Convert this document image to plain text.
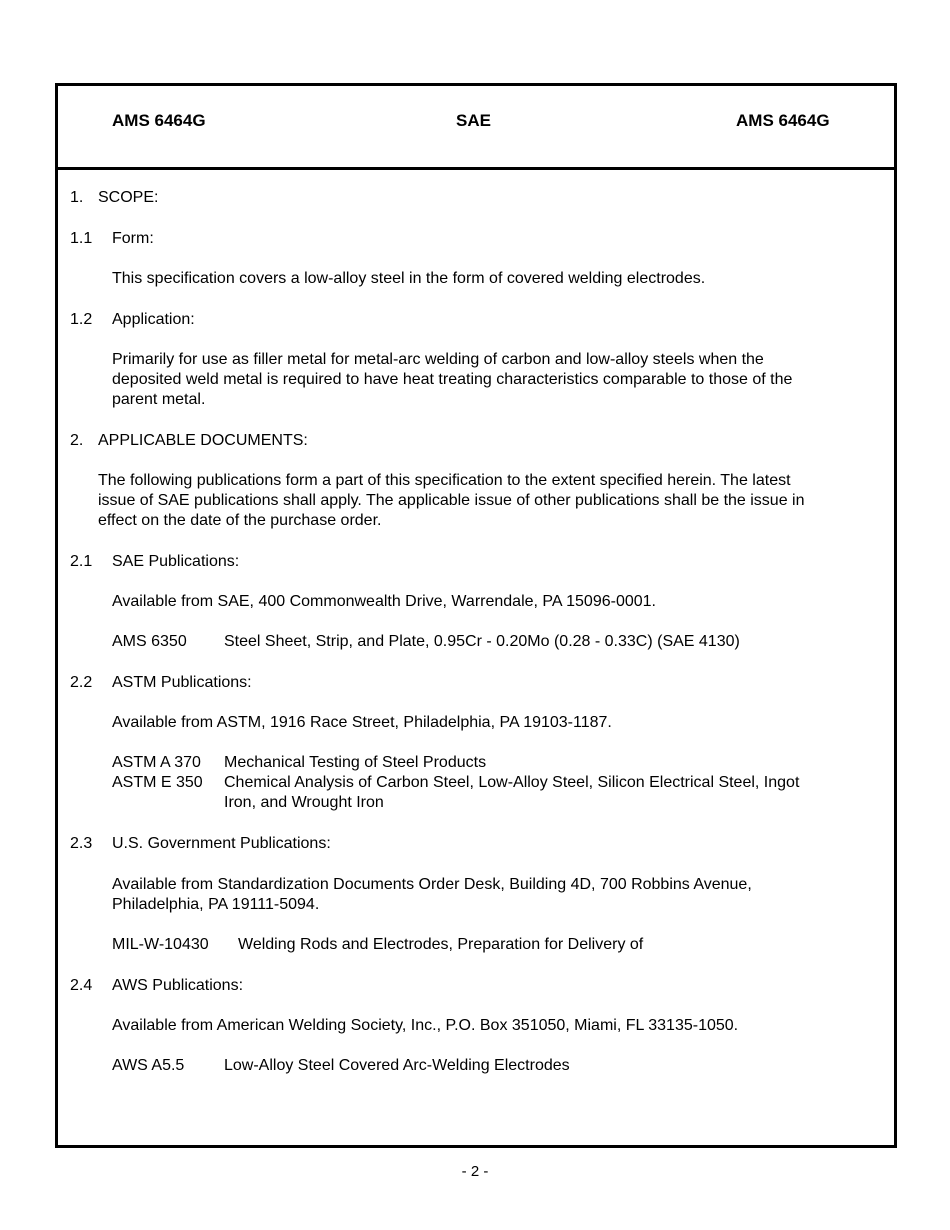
AMS 6464G	SAE	AMS 6464G
1. SCOPE:
1.1 Form:
This specification covers a low-alloy steel in the form of covered welding electrodes.
1.2 Application:
Primarily for use as filler metal for metal-arc welding of carbon and low-alloy steels when the
deposited weld metal is required to have heat treating characteristics comparable to those of the
parent metal.
2. APPLICABLE DOCUMENTS:
The following publications form a part of this specification to the extent specified herein. The latest
issue of SAE publications shall apply. The applicable issue of other publications shall be the issue in
effect on the date of the purchase order.
2.1 SAE Publications:
Available from SAE, 400 Commonwealth Drive, Warrendale, PA 15096-0001.
AMS 6350 Steel Sheet, Strip, and Plate, 0.95Cr - 0.20Mo (0.28 - 0.33C) (SAE 4130)
2.2 ASTM Publications:
Available from ASTM, 1916 Race Street, Philadelphia, PA 19103-1187.
ASTM A 370 Mechanical Testing of Steel Products
ASTM E 350 Chemical Analysis of Carbon Steel, Low-Alloy Steel, Silicon Electrical Steel, Ingot
Iron, and Wrought Iron
2.3 U.S. Government Publications:
Available from Standardization Documents Order Desk, Building 4D, 700 Robbins Avenue,
Philadelphia, PA 19111-5094.
MIL-W-10430 Welding Rods and Electrodes, Preparation for Delivery of
2.4 AWS Publications:
Available from American Welding Society, Inc., P.O. Box 351050, Miami, FL 33135-1050.
AWS A5.5 Low-Alloy Steel Covered Arc-Welding Electrodes
- 2 -
